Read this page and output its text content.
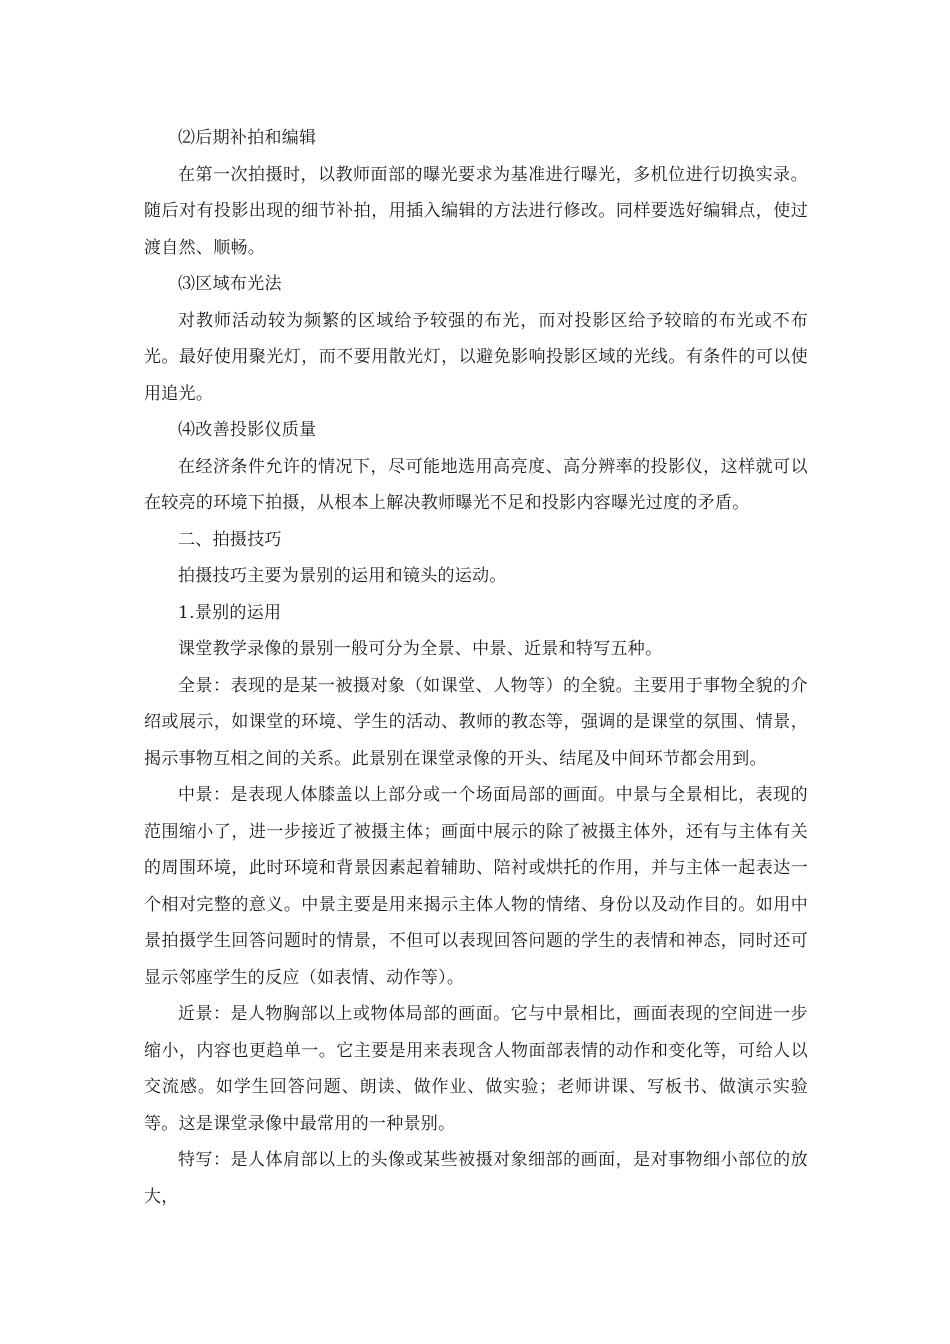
⑵后期补拍和编辑

在第一次拍摄时，以教师面部的曝光要求为基准进行曝光，多机位进行切换实录。随后对有投影出现的细节补拍，用插入编辑的方法进行修改。同样要选好编辑点，使过渡自然、顺畅。

⑶区域布光法

对教师活动较为频繁的区域给予较强的布光，而对投影区给予较暗的布光或不布光。最好使用聚光灯，而不要用散光灯，以避免影响投影区域的光线。有条件的可以使用追光。

⑷改善投影仪质量

在经济条件允许的情况下，尽可能地选用高亮度、高分辨率的投影仪，这样就可以在较亮的环境下拍摄，从根本上解决教师曝光不足和投影内容曝光过度的矛盾。

二、拍摄技巧

拍摄技巧主要为景别的运用和镜头的运动。

1.景别的运用

课堂教学录像的景别一般可分为全景、中景、近景和特写五种。

全景：表现的是某一被摄对象（如课堂、人物等）的全貌。主要用于事物全貌的介绍或展示，如课堂的环境、学生的活动、教师的教态等，强调的是课堂的氛围、情景，揭示事物互相之间的关系。此景别在课堂录像的开头、结尾及中间环节都会用到。

中景：是表现人体膝盖以上部分或一个场面局部的画面。中景与全景相比，表现的范围缩小了，进一步接近了被摄主体；画面中展示的除了被摄主体外，还有与主体有关的周围环境，此时环境和背景因素起着辅助、陪衬或烘托的作用，并与主体一起表达一个相对完整的意义。中景主要是用来揭示主体人物的情绪、身份以及动作目的。如用中景拍摄学生回答问题时的情景，不但可以表现回答问题的学生的表情和神态，同时还可显示邻座学生的反应（如表情、动作等）。

近景：是人物胸部以上或物体局部的画面。它与中景相比，画面表现的空间进一步缩小，内容也更趋单一。它主要是用来表现含人物面部表情的动作和变化等，可给人以交流感。如学生回答问题、朗读、做作业、做实验；老师讲课、写板书、做演示实验等。这是课堂录像中最常用的一种景别。

特写：是人体肩部以上的头像或某些被摄对象细部的画面，是对事物细小部位的放大，
